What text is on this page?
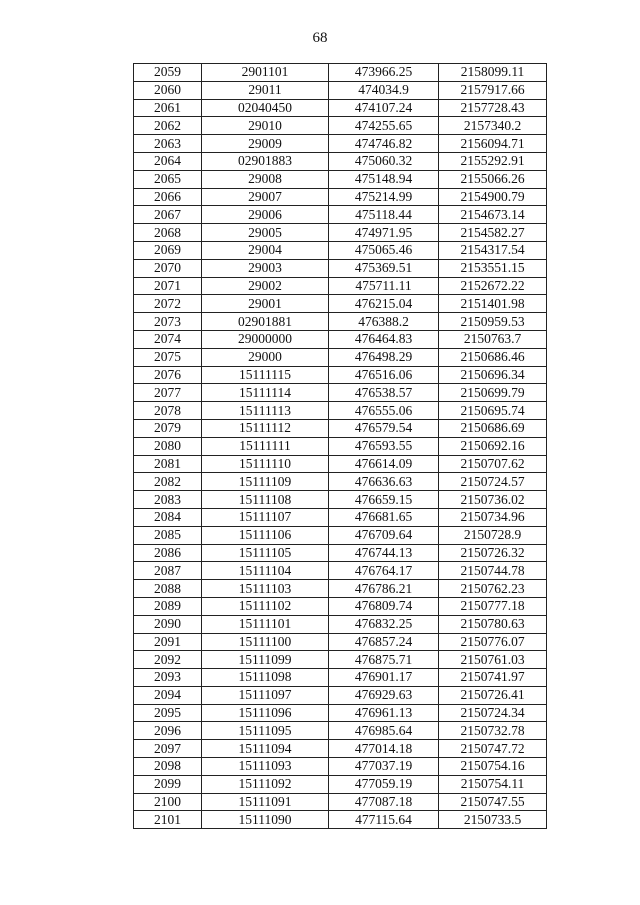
68
2059	2901101	473966.25	2158099.11
2060	29011	474034.9	2157917.66
2061	02040450	474107.24	2157728.43
2062	29010	474255.65	2157340.2
2063	29009	474746.82	2156094.71
2064	02901883	475060.32	2155292.91
2065	29008	475148.94	2155066.26
2066	29007	475214.99	2154900.79
2067	29006	475118.44	2154673.14
2068	29005	474971.95	2154582.27
2069	29004	475065.46	2154317.54
2070	29003	475369.51	2153551.15
2071	29002	475711.11	2152672.22
2072	29001	476215.04	2151401.98
2073	02901881	476388.2	2150959.53
2074	29000000	476464.83	2150763.7
2075	29000	476498.29	2150686.46
2076	15111115	476516.06	2150696.34
2077	15111114	476538.57	2150699.79
2078	15111113	476555.06	2150695.74
2079	15111112	476579.54	2150686.69
2080	15111111	476593.55	2150692.16
2081	15111110	476614.09	2150707.62
2082	15111109	476636.63	2150724.57
2083	15111108	476659.15	2150736.02
2084	15111107	476681.65	2150734.96
2085	15111106	476709.64	2150728.9
2086	15111105	476744.13	2150726.32
2087	15111104	476764.17	2150744.78
2088	15111103	476786.21	2150762.23
2089	15111102	476809.74	2150777.18
2090	15111101	476832.25	2150780.63
2091	15111100	476857.24	2150776.07
2092	15111099	476875.71	2150761.03
2093	15111098	476901.17	2150741.97
2094	15111097	476929.63	2150726.41
2095	15111096	476961.13	2150724.34
2096	15111095	476985.64	2150732.78
2097	15111094	477014.18	2150747.72
2098	15111093	477037.19	2150754.16
2099	15111092	477059.19	2150754.11
2100	15111091	477087.18	2150747.55
2101	15111090	477115.64	2150733.5
